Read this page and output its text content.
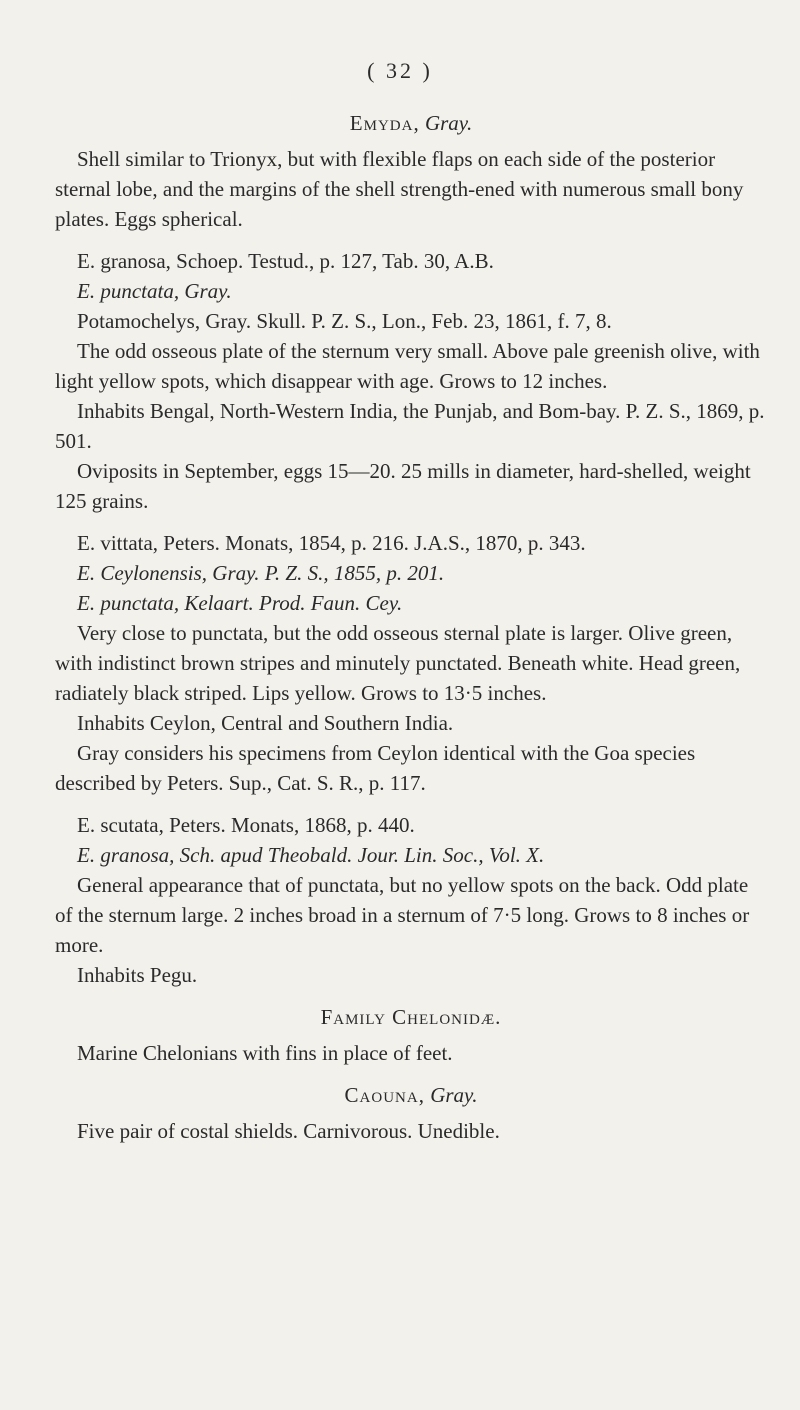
( 32 )
Emyda, Gray.

Shell similar to Trionyx, but with flexible flaps on each side of the posterior sternal lobe, and the margins of the shell strength-ened with numerous small bony plates. Eggs spherical.

E. granosa, Schoep. Testud., p. 127, Tab. 30, A.B.

E. punctata, Gray.

Potamochelys, Gray. Skull. P. Z. S., Lon., Feb. 23, 1861, f. 7, 8.

The odd osseous plate of the sternum very small. Above pale greenish olive, with light yellow spots, which disappear with age. Grows to 12 inches.

Inhabits Bengal, North-Western India, the Punjab, and Bom-bay. P. Z. S., 1869, p. 501.

Oviposits in September, eggs 15—20. 25 mills in diameter, hard-shelled, weight 125 grains.

E. vittata, Peters. Monats, 1854, p. 216. J.A.S., 1870, p. 343.

E. Ceylonensis, Gray. P. Z. S., 1855, p. 201.

E. punctata, Kelaart. Prod. Faun. Cey.

Very close to punctata, but the odd osseous sternal plate is larger. Olive green, with indistinct brown stripes and minutely punctated. Beneath white. Head green, radiately black striped. Lips yellow. Grows to 13·5 inches.

Inhabits Ceylon, Central and Southern India.

Gray considers his specimens from Ceylon identical with the Goa species described by Peters. Sup., Cat. S. R., p. 117.

E. scutata, Peters. Monats, 1868, p. 440.

E. granosa, Sch. apud Theobald. Jour. Lin. Soc., Vol. X.

General appearance that of punctata, but no yellow spots on the back. Odd plate of the sternum large. 2 inches broad in a sternum of 7·5 long. Grows to 8 inches or more.

Inhabits Pegu.

Family Chelonidæ.

Marine Chelonians with fins in place of feet.

Caouna, Gray.

Five pair of costal shields. Carnivorous. Unedible.
